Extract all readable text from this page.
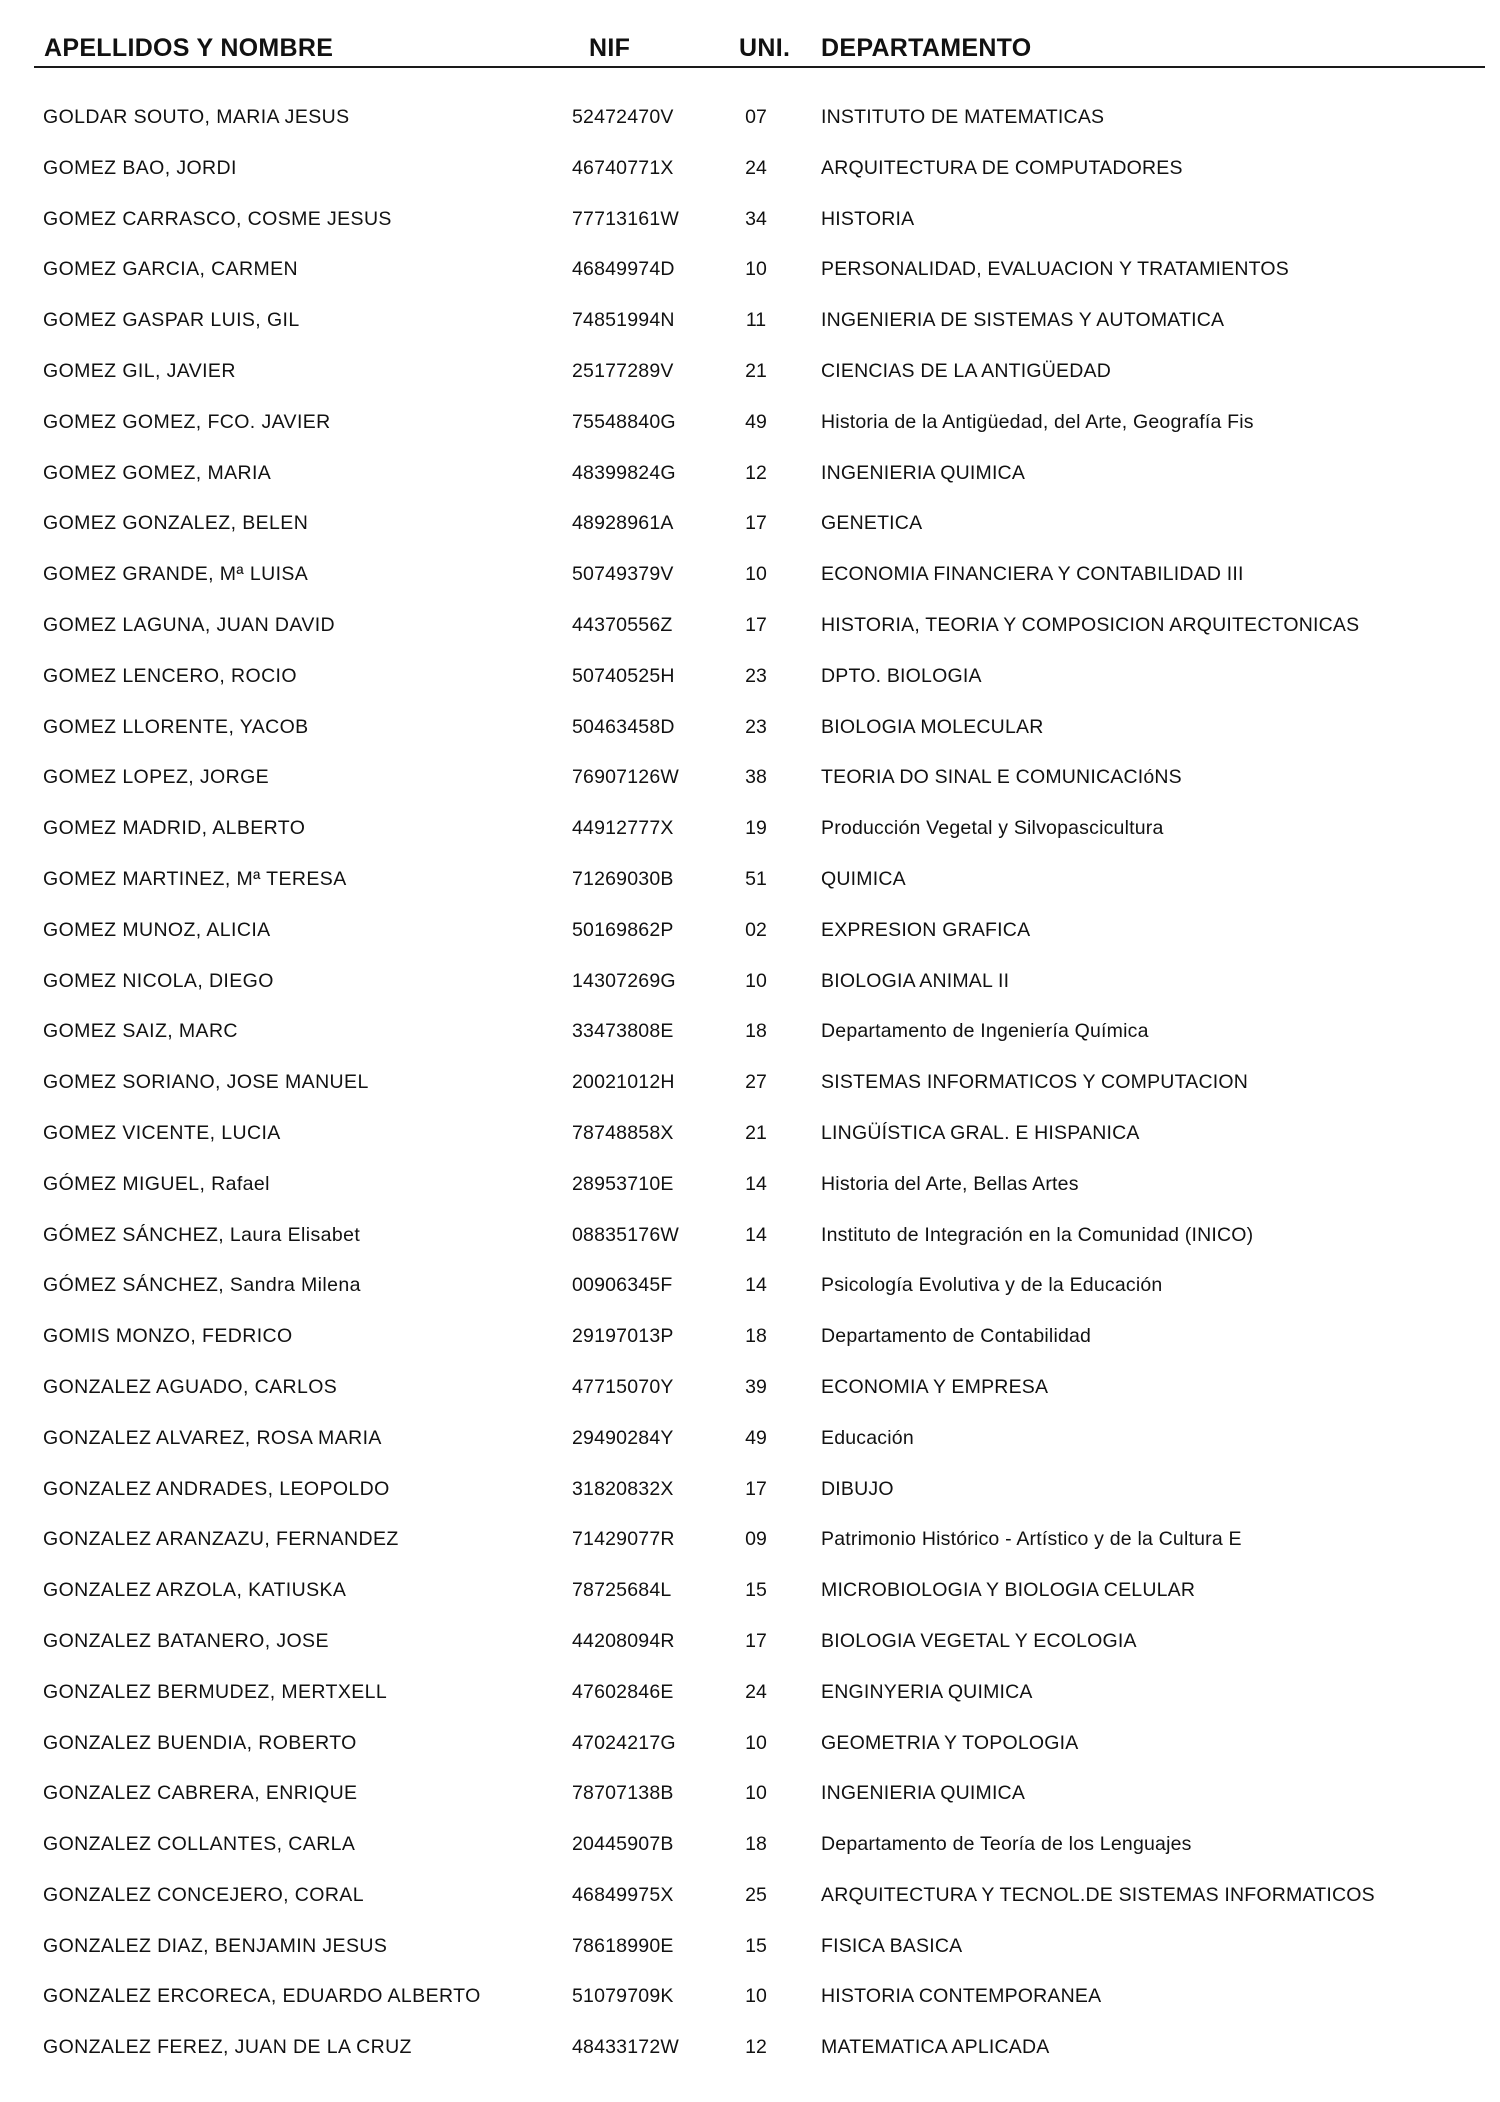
APELLIDOS Y NOMBRE	NIF	UNI. DEPARTAMENTO
GOLDAR SOUTO, MARIA JESUS	52472470V	07	INSTITUTO DE MATEMATICAS
GOMEZ BAO, JORDI	46740771X	24	ARQUITECTURA DE COMPUTADORES
GOMEZ CARRASCO, COSME JESUS	77713161W	34	HISTORIA
GOMEZ GARCIA, CARMEN	46849974D	10	PERSONALIDAD, EVALUACION Y TRATAMIENTOS
GOMEZ GASPAR LUIS, GIL	74851994N	11	INGENIERIA DE SISTEMAS Y AUTOMATICA
GOMEZ GIL, JAVIER	25177289V	21	CIENCIAS DE LA ANTIGÜEDAD
GOMEZ GOMEZ, FCO. JAVIER	75548840G	49	Historia de la Antigüedad, del Arte, Geografía Fis
GOMEZ GOMEZ, MARIA	48399824G	12	INGENIERIA QUIMICA
GOMEZ GONZALEZ, BELEN	48928961A	17	GENETICA
GOMEZ GRANDE, Mª LUISA	50749379V	10	ECONOMIA FINANCIERA Y CONTABILIDAD III
GOMEZ LAGUNA, JUAN DAVID	44370556Z	17	HISTORIA, TEORIA Y COMPOSICION ARQUITECTONICAS
GOMEZ LENCERO, ROCIO	50740525H	23	DPTO. BIOLOGIA
GOMEZ LLORENTE, YACOB	50463458D	23	BIOLOGIA MOLECULAR
GOMEZ LOPEZ, JORGE	76907126W	38	TEORIA DO SINAL E COMUNICACIóNS
GOMEZ MADRID, ALBERTO	44912777X	19	Producción Vegetal y Silvopascicultura
GOMEZ MARTINEZ, Mª TERESA	71269030B	51	QUIMICA
GOMEZ MUNOZ, ALICIA	50169862P	02	EXPRESION GRAFICA
GOMEZ NICOLA, DIEGO	14307269G	10	BIOLOGIA ANIMAL II
GOMEZ SAIZ, MARC	33473808E	18	Departamento de Ingeniería Química
GOMEZ SORIANO, JOSE MANUEL	20021012H	27	SISTEMAS INFORMATICOS Y COMPUTACION
GOMEZ VICENTE, LUCIA	78748858X	21	LINGÜÍSTICA GRAL. E HISPANICA
GÓMEZ MIGUEL, Rafael	28953710E	14	Historia del Arte, Bellas Artes
GÓMEZ SÁNCHEZ, Laura Elisabet	08835176W	14	Instituto de Integración en la Comunidad (INICO)
GÓMEZ SÁNCHEZ, Sandra Milena	00906345F	14	Psicología Evolutiva y de la Educación
GOMIS MONZO, FEDRICO	29197013P	18	Departamento de Contabilidad
GONZALEZ AGUADO, CARLOS	47715070Y	39	ECONOMIA Y EMPRESA
GONZALEZ ALVAREZ, ROSA MARIA	29490284Y	49	Educación
GONZALEZ ANDRADES, LEOPOLDO	31820832X	17	DIBUJO
GONZALEZ ARANZAZU, FERNANDEZ	71429077R	09	Patrimonio Histórico - Artístico y de la Cultura E
GONZALEZ ARZOLA, KATIUSKA	78725684L	15	MICROBIOLOGIA Y BIOLOGIA CELULAR
GONZALEZ BATANERO, JOSE	44208094R	17	BIOLOGIA VEGETAL Y ECOLOGIA
GONZALEZ BERMUDEZ, MERTXELL	47602846E	24	ENGINYERIA QUIMICA
GONZALEZ BUENDIA, ROBERTO	47024217G	10	GEOMETRIA Y TOPOLOGIA
GONZALEZ CABRERA, ENRIQUE	78707138B	10	INGENIERIA QUIMICA
GONZALEZ COLLANTES, CARLA	20445907B	18	Departamento de Teoría de los Lenguajes
GONZALEZ CONCEJERO, CORAL	46849975X	25	ARQUITECTURA Y TECNOL.DE SISTEMAS INFORMATICOS
GONZALEZ DIAZ, BENJAMIN JESUS	78618990E	15	FISICA BASICA
GONZALEZ ERCORECA, EDUARDO ALBERTO	51079709K	10	HISTORIA CONTEMPORANEA
GONZALEZ FEREZ, JUAN DE LA CRUZ	48433172W	12	MATEMATICA APLICADA
